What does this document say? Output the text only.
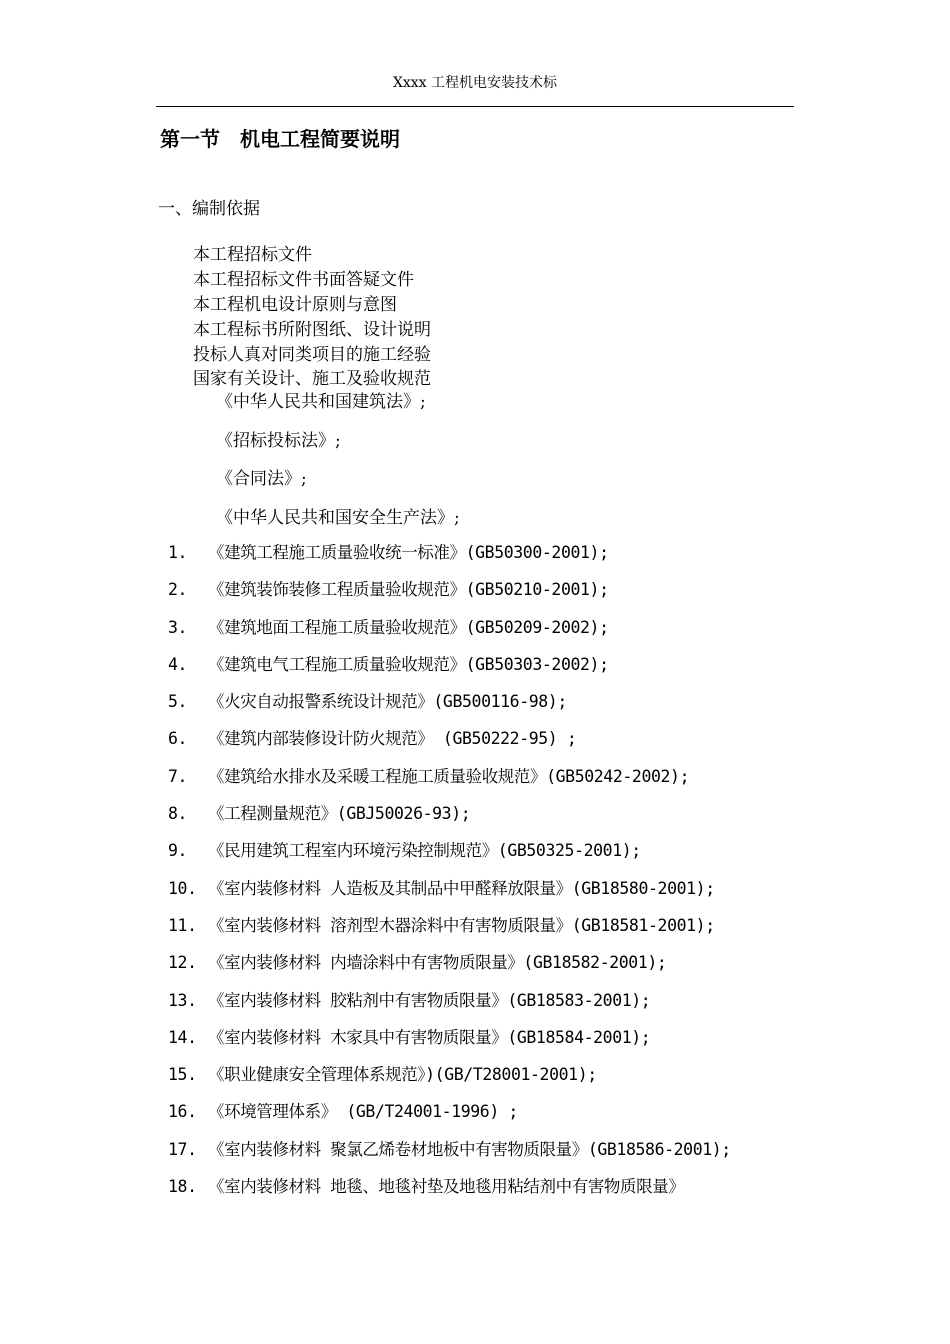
Xxxx 工程机电安装技术标
第一节　机电工程简要说明
一、编制依据
本工程招标文件
本工程招标文件书面答疑文件
本工程机电设计原则与意图
本工程标书所附图纸、设计说明
投标人真对同类项目的施工经验
国家有关设计、施工及验收规范
《中华人民共和国建筑法》;
《招标投标法》;
《合同法》;
《中华人民共和国安全生产法》;
1. 《建筑工程施工质量验收统一标准》(GB50300-2001);
2. 《建筑装饰装修工程质量验收规范》(GB50210-2001);
3. 《建筑地面工程施工质量验收规范》(GB50209-2002);
4. 《建筑电气工程施工质量验收规范》(GB50303-2002);
5. 《火灾自动报警系统设计规范》(GB500116-98);
6. 《建筑内部装修设计防火规范》 (GB50222-95) ;
7. 《建筑给水排水及采暖工程施工质量验收规范》(GB50242-2002);
8. 《工程测量规范》(GBJ50026-93);
9. 《民用建筑工程室内环境污染控制规范》(GB50325-2001);
10. 《室内装修材料 人造板及其制品中甲醛释放限量》(GB18580-2001);
11. 《室内装修材料 溶剂型木器涂料中有害物质限量》(GB18581-2001);
12. 《室内装修材料 内墙涂料中有害物质限量》(GB18582-2001);
13. 《室内装修材料 胶粘剂中有害物质限量》(GB18583-2001);
14. 《室内装修材料 木家具中有害物质限量》(GB18584-2001);
15. 《职业健康安全管理体系规范》)(GB/T28001-2001);
16. 《环境管理体系》 (GB/T24001-1996) ;
17. 《室内装修材料 聚氯乙烯卷材地板中有害物质限量》(GB18586-2001);
18. 《室内装修材料 地毯、地毯衬垫及地毯用粘结剂中有害物质限量》
